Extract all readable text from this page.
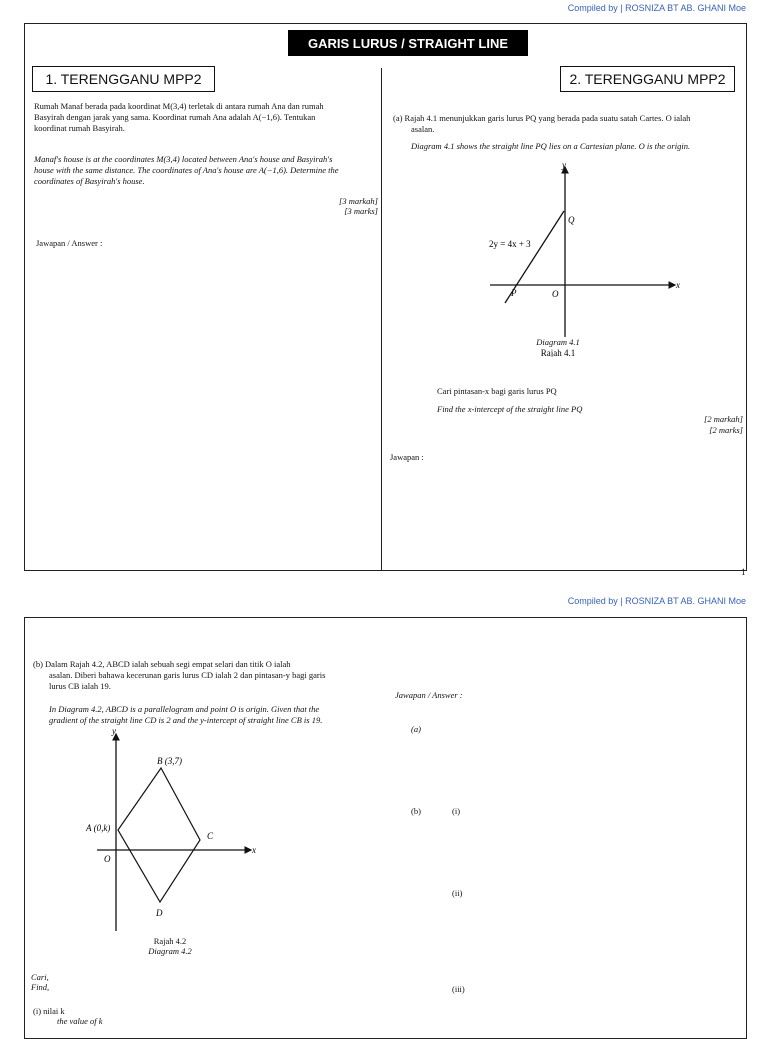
Compiled by | ROSNIZA BT AB. GHANI Moe
GARIS LURUS / STRAIGHT LINE
1. TERENGGANU MPP2	2. TERENGGANU MPP2
Rumah Manaf berada pada koordinat M(3,4) terletak di antara rumah Ana dan rumah
Basyirah dengan jarak yang sama. Koordinat rumah Ana adalah A(−1,6). Tentukan
koordinat rumah Basyirah.
Manaf's house is at the coordinates M(3,4) located between Ana's house and Basyirah's
house with the same distance. The coordinates of Ana's house are A(−1,6). Determine the
coordinates of Basyirah's house.
[3 markah]
[3 marks]
Jawapan / Answer :
(a) Rajah 4.1 menunjukkan garis lurus PQ yang berada pada suatu satah Cartes. O ialah
asalan.
Diagram 4.1 shows the straight line PQ lies on a Cartesian plane. O is the origin.
y
x
Q
P	O
2y = 4x + 3
Rajah 4.1
Diagram 4.1
Cari pintasan-x bagi garis lurus PQ
Find the x-intercept of the straight line PQ
[2 markah]
[2 marks]
Jawapan :
1
Compiled by | ROSNIZA BT AB. GHANI Moe
(b) Dalam Rajah 4.2, ABCD ialah sebuah segi empat selari dan titik O ialah
asalan. Diberi bahawa kecerunan garis lurus CD ialah 2 dan pintasan-y bagi garis
lurus CB ialah 19.
In Diagram 4.2, ABCD is a parallelogram and point O is origin. Given that the
gradient of the straight line CD is 2 and the y-intercept of straight line CB is 19.
y
x
B (3,7)
A (0,k)
C
D
O
Rajah 4.2
Diagram 4.2
Cari,
Find,
(i) nilai k
the value of k
Jawapan / Answer :
(a)
(b)	(i)
(ii)
(iii)
